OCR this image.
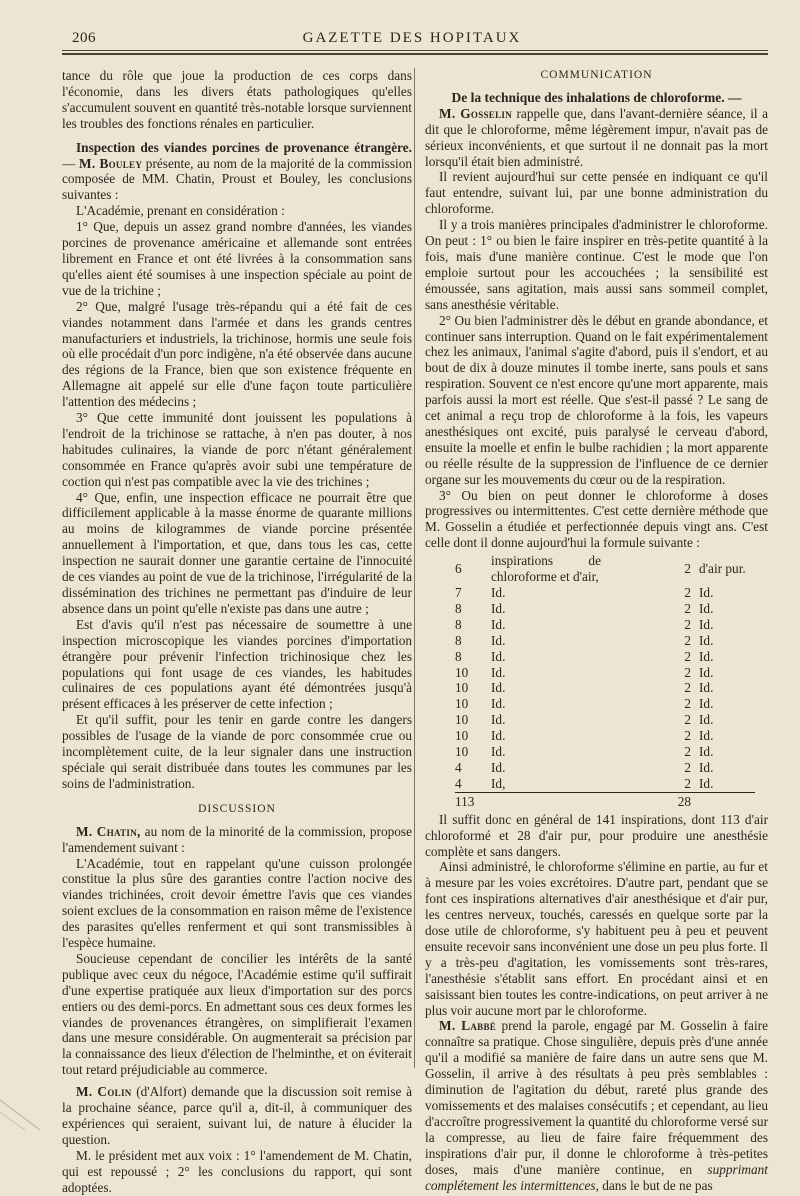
206	GAZETTE DES HOPITAUX

tance du rôle que joue la production de ces corps dans l'économie, dans les divers états pathologiques qu'elles s'accumulent souvent en quantité très-notable lorsque surviennent les troubles des fonctions rénales en particulier.

Inspection des viandes porcines de provenance étrangère. — M. Bouley présente, au nom de la majorité de la commission composée de MM. Chatin, Proust et Bouley, les conclusions suivantes :

L'Académie, prenant en considération :

1° Que, depuis un assez grand nombre d'années, les viandes porcines de provenance américaine et allemande sont entrées librement en France et ont été livrées à la consommation sans qu'elles aient été soumises à une inspection spéciale au point de vue de la trichine ;

2° Que, malgré l'usage très-répandu qui a été fait de ces viandes notamment dans l'armée et dans les grands centres manufacturiers et industriels, la trichinose, hormis une seule fois où elle procédait d'un porc indigène, n'a été observée dans aucune des régions de la France, bien que son existence fréquente en Allemagne ait appelé sur elle d'une façon toute particulière l'attention des médecins ;

3° Que cette immunité dont jouissent les populations à l'endroit de la trichinose se rattache, à n'en pas douter, à nos habitudes culinaires, la viande de porc n'étant généralement consommée en France qu'après avoir subi une température de coction qui n'est pas compatible avec la vie des trichines ;

4° Que, enfin, une inspection efficace ne pourrait être que difficilement applicable à la masse énorme de quarante millions au moins de kilogrammes de viande porcine présentée annuellement à l'importation, et que, dans tous les cas, cette inspection ne saurait donner une garantie certaine de l'innocuité de ces viandes au point de vue de la trichinose, l'irrégularité de la dissémination des trichines ne permettant pas d'induire de leur absence dans un point qu'elle n'existe pas dans une autre ;

Est d'avis qu'il n'est pas nécessaire de soumettre à une inspection microscopique les viandes porcines d'importation étrangère pour prévenir l'infection trichinosique chez les populations qui font usage de ces viandes, les habitudes culinaires de ces populations ayant été démontrées jusqu'à présent efficaces à les préserver de cette infection ;

Et qu'il suffit, pour les tenir en garde contre les dangers possibles de l'usage de la viande de porc consommée crue ou incomplètement cuite, de la leur signaler dans une instruction spéciale qui serait distribuée dans toutes les communes par les soins de l'administration.

DISCUSSION

M. Chatin, au nom de la minorité de la commission, propose l'amendement suivant :

L'Académie, tout en rappelant qu'une cuisson prolongée constitue la plus sûre des garanties contre l'action nocive des viandes trichinées, croit devoir émettre l'avis que ces viandes soient exclues de la consommation en raison même de l'existence des parasites qu'elles renferment et qui sont transmissibles à l'espèce humaine.

Soucieuse cependant de concilier les intérêts de la santé publique avec ceux du négoce, l'Académie estime qu'il suffirait d'une expertise pratiquée aux lieux d'importation sur des porcs entiers ou des demi-porcs. En admettant sous ces deux formes les viandes de provenances étrangères, on simplifierait l'examen dans une mesure considérable. On augmenterait sa précision par la connaissance des lieux d'élection de l'helminthe, et on éviterait tout retard préjudiciable au commerce.

M. Colin (d'Alfort) demande que la discussion soit remise à la prochaine séance, parce qu'il a, dit-il, à communiquer des expériences qui seraient, suivant lui, de nature à élucider la question.

M. le président met aux voix : 1° l'amendement de M. Chatin, qui est repoussé ; 2° les conclusions du rapport, qui sont adoptées.

COMMUNICATION

De la technique des inhalations de chloroforme. —

M. Gosselin rappelle que, dans l'avant-dernière séance, il a dit que le chloroforme, même légèrement impur, n'avait pas de sérieux inconvénients, et que surtout il ne donnait pas la mort lorsqu'il était bien administré.

Il revient aujourd'hui sur cette pensée en indiquant ce qu'il faut entendre, suivant lui, par une bonne administration du chloroforme.

Il y a trois manières principales d'administrer le chloroforme. On peut : 1° ou bien le faire inspirer en très-petite quantité à la fois, mais d'une manière continue. C'est le mode que l'on emploie surtout pour les accouchées ; la sensibilité est émoussée, sans agitation, mais aussi sans sommeil complet, sans anesthésie véritable.

2° Ou bien l'administrer dès le début en grande abondance, et continuer sans interruption. Quand on le fait expérimentalement chez les animaux, l'animal s'agite d'abord, puis il s'endort, et au bout de dix à douze minutes il tombe inerte, sans pouls et sans respiration. Souvent ce n'est encore qu'une mort apparente, mais parfois aussi la mort est réelle. Que s'est-il passé ? Le sang de cet animal a reçu trop de chloroforme à la fois, les vapeurs anesthésiques ont excité, puis paralysé le cerveau d'abord, ensuite la moelle et enfin le bulbe rachidien ; la mort apparente ou réelle résulte de la suppression de l'influence de ce dernier organe sur les mouvements du cœur ou de la respiration.

3° Ou bien on peut donner le chloroforme à doses progressives ou intermittentes. C'est cette dernière méthode que M. Gosselin a étudiée et perfectionnée depuis vingt ans. C'est celle dont il donne aujourd'hui la formule suivante :

6	inspirations de chloroforme et d'air,	2	d'air pur.
7	Id.	2	Id.
8	Id.	2	Id.
8	Id.	2	Id.
8	Id.	2	Id.
8	Id.	2	Id.
10	Id.	2	Id.
10	Id.	2	Id.
10	Id.	2	Id.
10	Id.	2	Id.
10	Id.	2	Id.
10	Id.	2	Id.
4	Id.	2	Id.
4	Id,	2	Id.
113		28	

Il suffit donc en général de 141 inspirations, dont 113 d'air chloroformé et 28 d'air pur, pour produire une anesthésie complète et sans dangers.

Ainsi administré, le chloroforme s'élimine en partie, au fur et à mesure par les voies excrétoires. D'autre part, pendant que se font ces inspirations alternatives d'air anesthésique et d'air pur, les centres nerveux, touchés, caressés en quelque sorte par la dose utile de chloroforme, s'y habituent peu à peu et peuvent ensuite recevoir sans inconvénient une dose un peu plus forte. Il y a très-peu d'agitation, les vomissements sont très-rares, l'anesthésie s'établit sans effort. En procédant ainsi et en saisissant bien toutes les contre-indications, on peut arriver à ne plus voir aucune mort par le chloroforme.

M. Labbé prend la parole, engagé par M. Gosselin à faire connaître sa pratique. Chose singulière, depuis près d'une année qu'il a modifié sa manière de faire dans un autre sens que M. Gosselin, il arrive à des résultats à peu près semblables : diminution de l'agitation du début, rareté plus grande des vomissements et des malaises consécutifs ; et cependant, au lieu d'accroître progressivement la quantité du chloroforme versé sur la compresse, au lieu de faire faire fréquemment des inspirations d'air pur, il donne le chloroforme à très-petites doses, mais d'une manière continue, en supprimant complétement les intermittences, dans le but de ne pas
